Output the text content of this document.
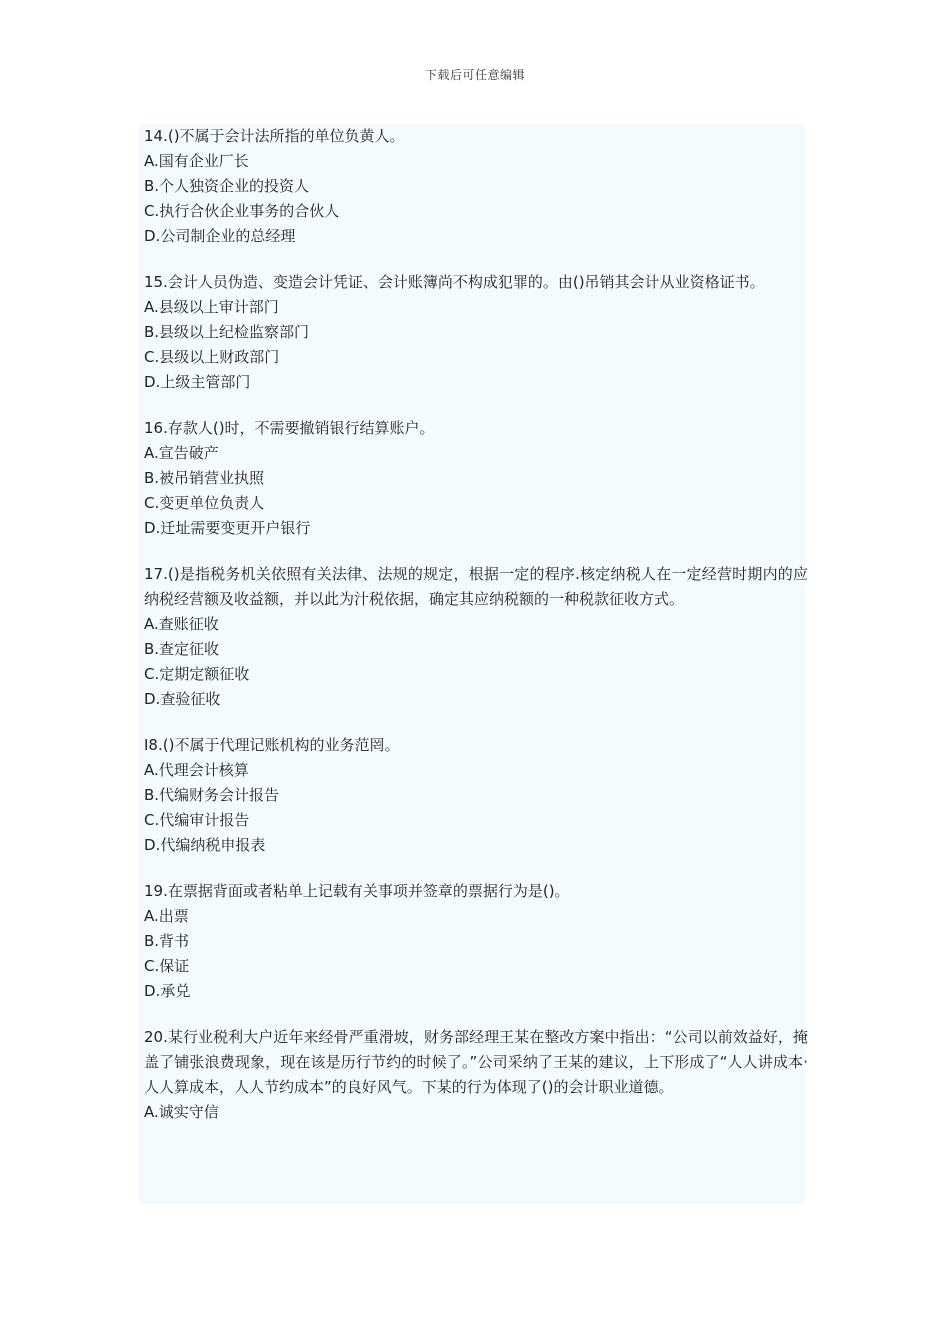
下载后可任意编辑

14.()不属于会计法所指的单位负黄人。

A.国有企业厂长

B.个人独资企业的投资人

C.执行合伙企业事务的合伙人

D.公司制企业的总经理

15.会计人员伪造、变造会计凭证、会计账簿尚不构成犯罪的。由()吊销其会计从业资格证书。

A.县级以上审计部门

B.县级以上纪检监察部门

C.县级以上财政部门

D.上级主管部门

16.存款人()时，不需要撤销银行结算账户。

A.宣告破产

B.被吊销营业执照

C.变更单位负责人

D.迁址需要变更开户银行

17.()是指税务机关依照有关法律、法规的规定，根据一定的程序.核定纳税人在一定经营时期内的应纳税经营额及收益额，并以此为汁税依据，确定其应纳税额的一种税款征收方式。

A.查账征收

B.查定征收

C.定期定额征收

D.查验征收

I8.()不属于代理记账机构的业务范罔。

A.代理会计核算

B.代编财务会计报告

C.代编审计报告

D.代编纳税申报表

19.在票据背面或者粘单上记载有关事项并签章的票据行为是()。

A.出票

B.背书

C.保证

D.承兑

20.某行业税利大户近年来经骨严重滑坡，财务部经理王某在整改方案中指出：“公司以前效益好，掩盖了铺张浪费现象，现在该是历行节约的时候了。”公司采纳了王某的建议，上下形成了“人人讲成本·人人算成本，人人节约成本”的良好风气。下某的行为体现了()的会计职业道德。

A.诚实守信
